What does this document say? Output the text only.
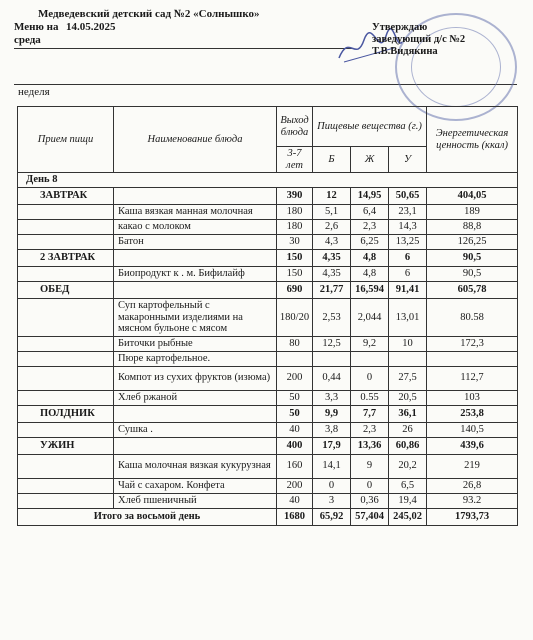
Медведевский детский сад №2 «Солнышко»
Меню на 14.05.2025
среда
неделя
Утверждаю
заведующий д/с №2
Т.В.Видякина
Прием пищи	Наименование блюда	Выход блюда	Пищевые вещества (г.)			Энергетическая ценность (ккал)
		3-7 лет	Б	Ж	У	
День 8						
ЗАВТРАК		390	12	14,95	50,65	404,05
	Каша вязкая манная молочная	180	5,1	6,4	23,1	189
	какао с молоком	180	2,6	2,3	14,3	88,8
	Батон	30	4,3	6,25	13,25	126,25
2 ЗАВТРАК		150	4,35	4,8	6	90,5
	Биопродукт к . м. Бифилайф	150	4,35	4,8	6	90,5
ОБЕД		690	21,77	16,594	91,41	605,78
	Суп картофельный с макаронными изделиями на мясном бульоне с мясом	180/20	2,53	2,044	13,01	80.58
	Биточки рыбные	80	12,5	9,2	10	172,3
	Пюре картофельное.					
	Компот из сухих фруктов (изюма)	200	0,44	0	27,5	112,7
	Хлеб ржаной	50	3,3	0.55	20,5	103
ПОЛДНИК		50	9,9	7,7	36,1	253,8
	Сушка .	40	3,8	2,3	26	140,5
УЖИН		400	17,9	13,36	60,86	439,6
	Каша молочная вязкая кукурузная	160	14,1	9	20,2	219
	Чай с сахаром. Конфета	200	0	0	6,5	26,8
	Хлеб пшеничный	40	3	0,36	19,4	93.2
Итого за восьмой день		1680	65,92	57,404	245,02	1793,73
